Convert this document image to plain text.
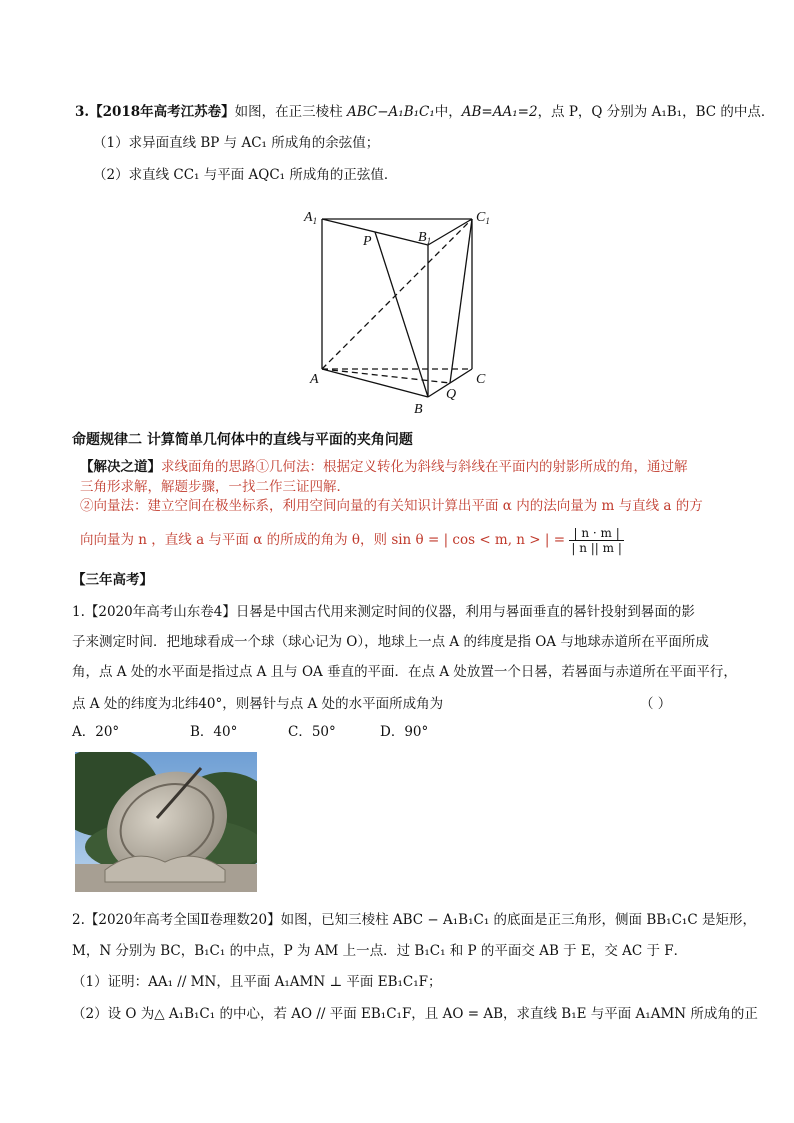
3.【2018年高考江苏卷】如图，在正三棱柱 ABC−A₁B₁C₁中，AB=AA₁=2，点 P，Q 分别为 A₁B₁，BC 的中点．
（1）求异面直线 BP 与 AC₁ 所成角的余弦值；
（2）求直线 CC₁ 与平面 AQC₁ 所成角的正弦值．
$A_1$
P	$B_1$
$C_1$
A	C
Q
B
命题规律二 计算简单几何体中的直线与平面的夹角问题
【解决之道】求线面角的思路①几何法：根据定义转化为斜线与斜线在平面内的射影所成的角，通过解
三角形求解，解题步骤，一找二作三证四解．
②向量法：建立空间在极坐标系，利用空间向量的有关知识计算出平面 α 内的法向量为 m 与直线 a 的方
向向量为 n ，直线 a 与平面 α 的所成的角为 θ，则 sin θ = | cos < m, n > | = $\frac{| n \cdot m |}{| n || m |}$
【三年高考】
1.【2020年高考山东卷4】日晷是中国古代用来测定时间的仪器，利用与晷面垂直的晷针投射到晷面的影
子来测定时间．把地球看成一个球（球心记为 O），地球上一点 A 的纬度是指 OA 与地球赤道所在平面所成
角，点 A 处的水平面是指过点 A 且与 OA 垂直的平面．在点 A 处放置一个日晷，若晷面与赤道所在平面平行，
点 A 处的纬度为北纬40°，则晷针与点 A 处的水平面所成角为	（ ）
A．20°	B．40°	C．50°	D．90°
2.【2020年高考全国Ⅱ卷理数20】如图，已知三棱柱 ABC − A₁B₁C₁ 的底面是正三角形，侧面 BB₁C₁C 是矩形，
M，N 分别为 BC，B₁C₁ 的中点，P 为 AM 上一点．过 B₁C₁ 和 P 的平面交 AB 于 E，交 AC 于 F．
（1）证明：AA₁ // MN，且平面 A₁AMN ⊥ 平面 EB₁C₁F；
（2）设 O 为△ A₁B₁C₁ 的中心，若 AO // 平面 EB₁C₁F，且 AO = AB，求直线 B₁E 与平面 A₁AMN 所成角的正
